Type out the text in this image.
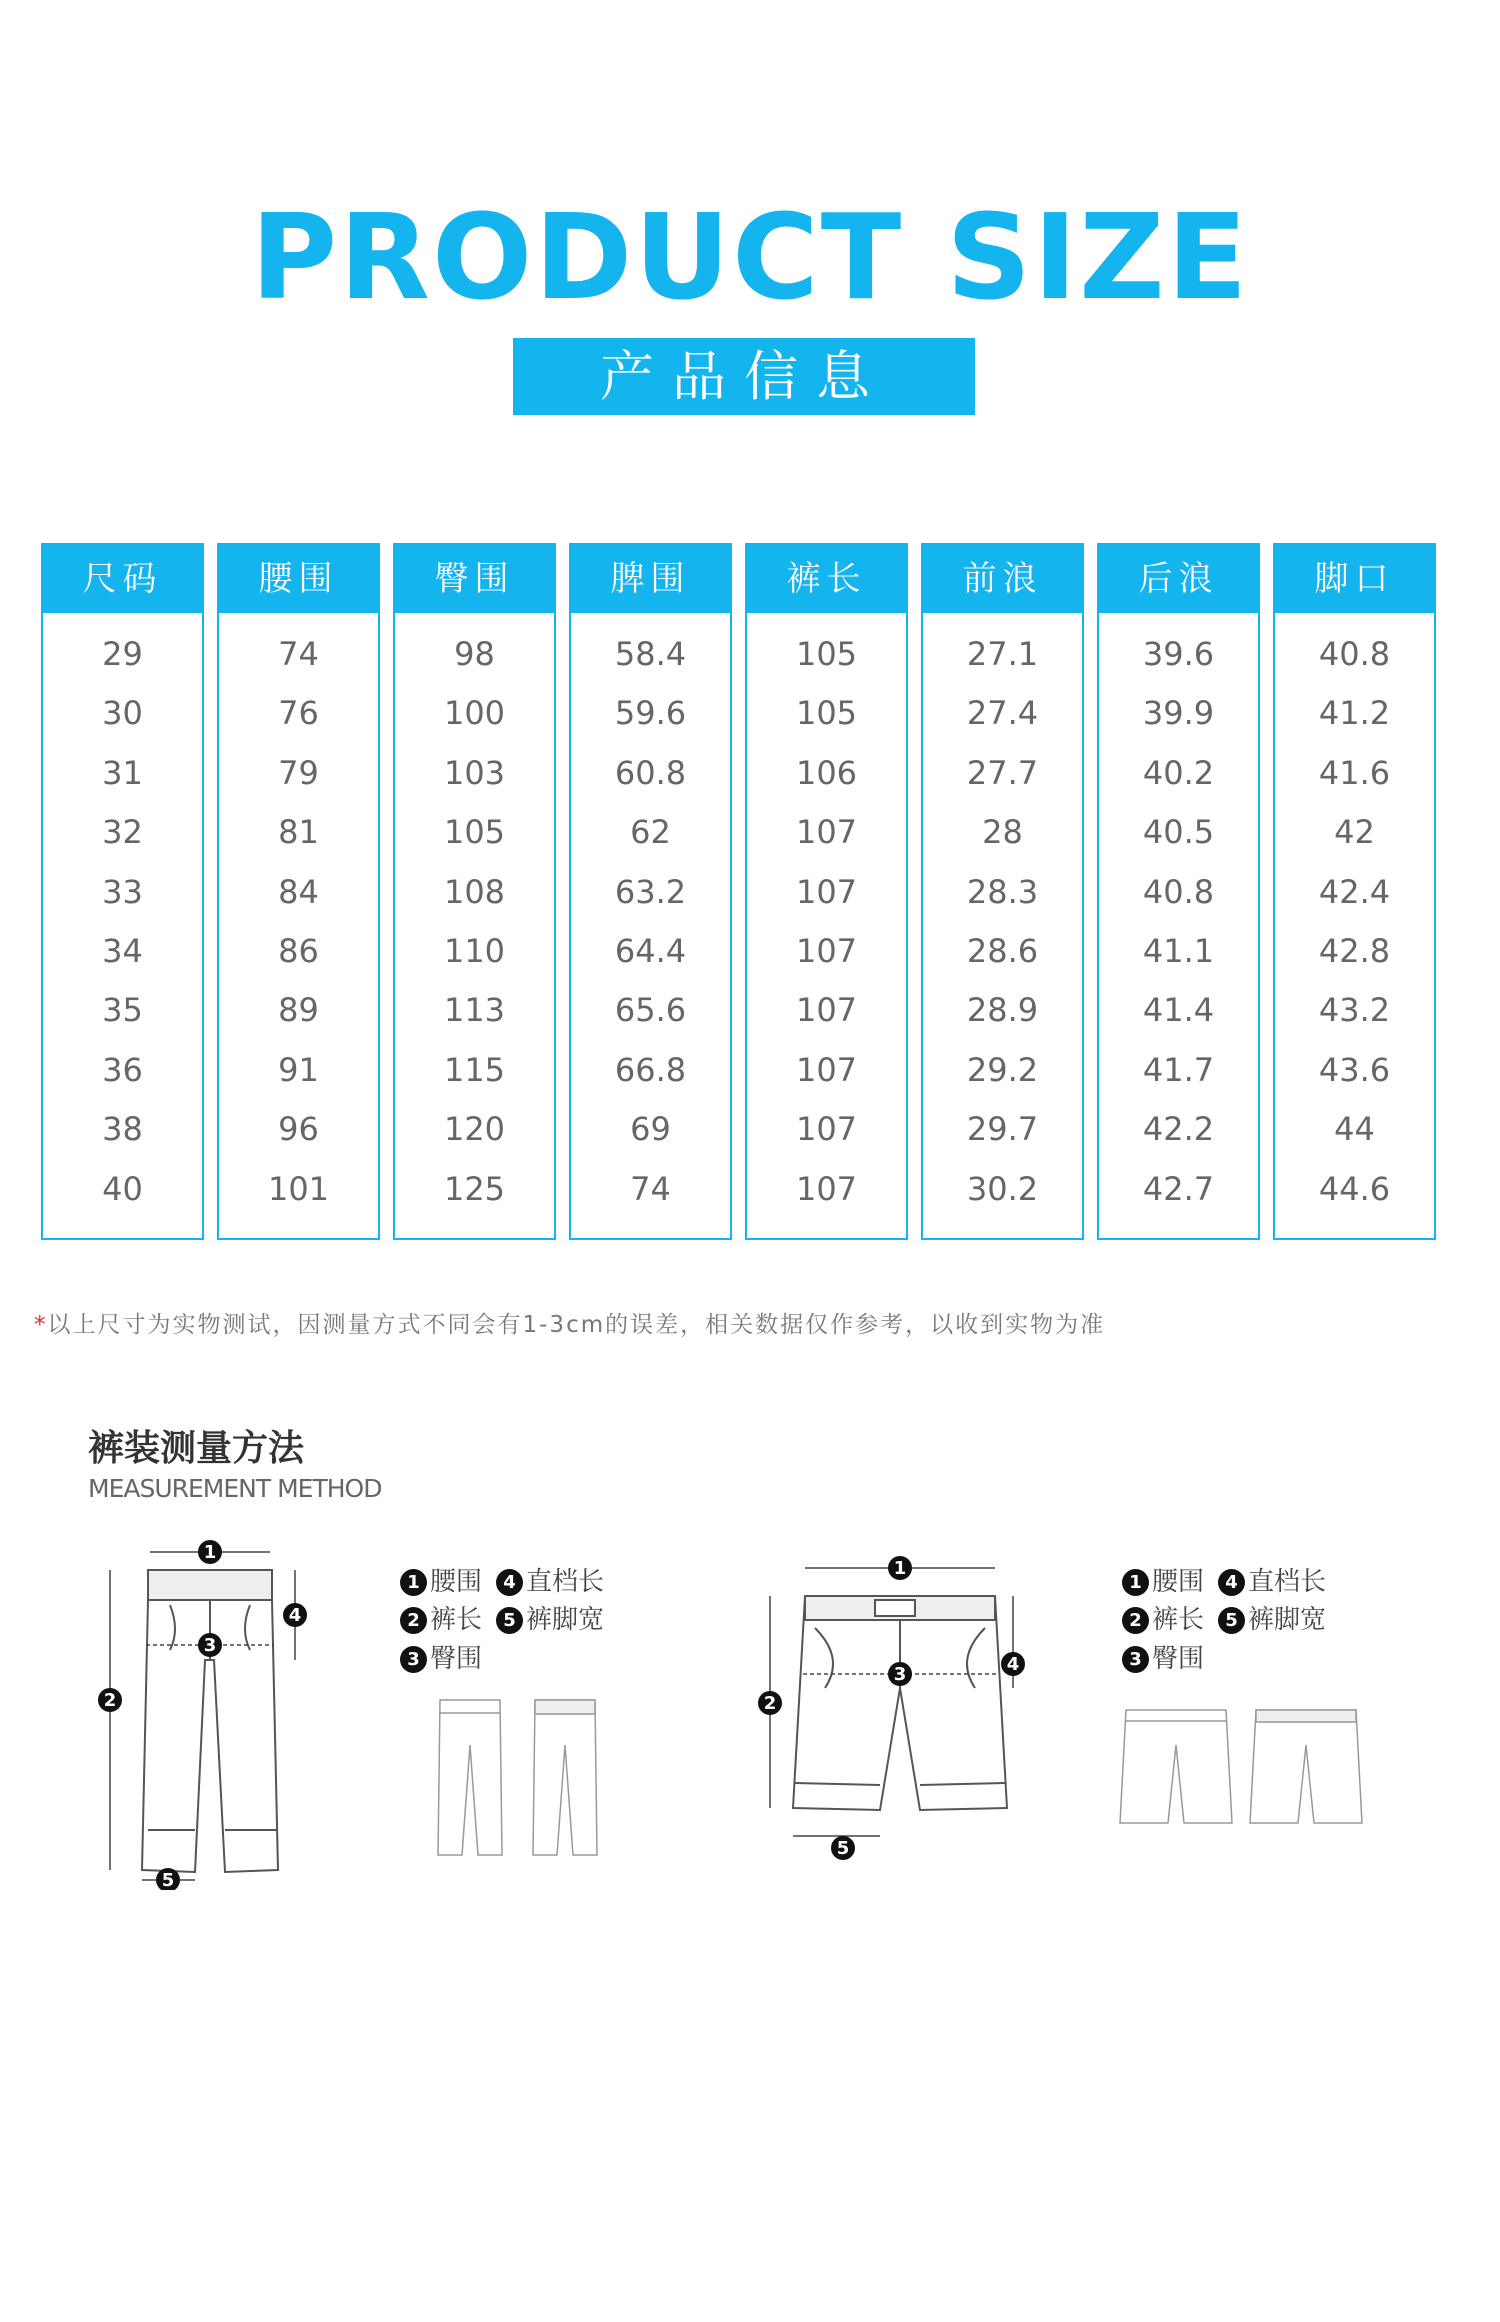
PRODUCT SIZE
产品信息
尺码
29
30
31
32
33
34
35
36
38
40
腰围
74
76
79
81
84
86
89
91
96
101
臀围
98
100
103
105
108
110
113
115
120
125
脾围
58.4
59.6
60.8
62
63.2
64.4
65.6
66.8
69
74
裤长
105
105
106
107
107
107
107
107
107
107
前浪
27.1
27.4
27.7
28
28.3
28.6
28.9
29.2
29.7
30.2
后浪
39.6
39.9
40.2
40.5
40.8
41.1
41.4
41.7
42.2
42.7
脚口
40.8
41.2
41.6
42
42.4
42.8
43.2
43.6
44
44.6
*以上尺寸为实物测试，因测量方式不同会有1-3cm的误差，相关数据仅作参考，以收到实物为准
裤装测量方法
MEASUREMENT METHOD
1
2
3
4
5
1 腰围 4 直档长
2 裤长 5 裤脚宽
3 臀围
1
2
3	4
5
1 腰围 4 直档长
2 裤长 5 裤脚宽
3 臀围
